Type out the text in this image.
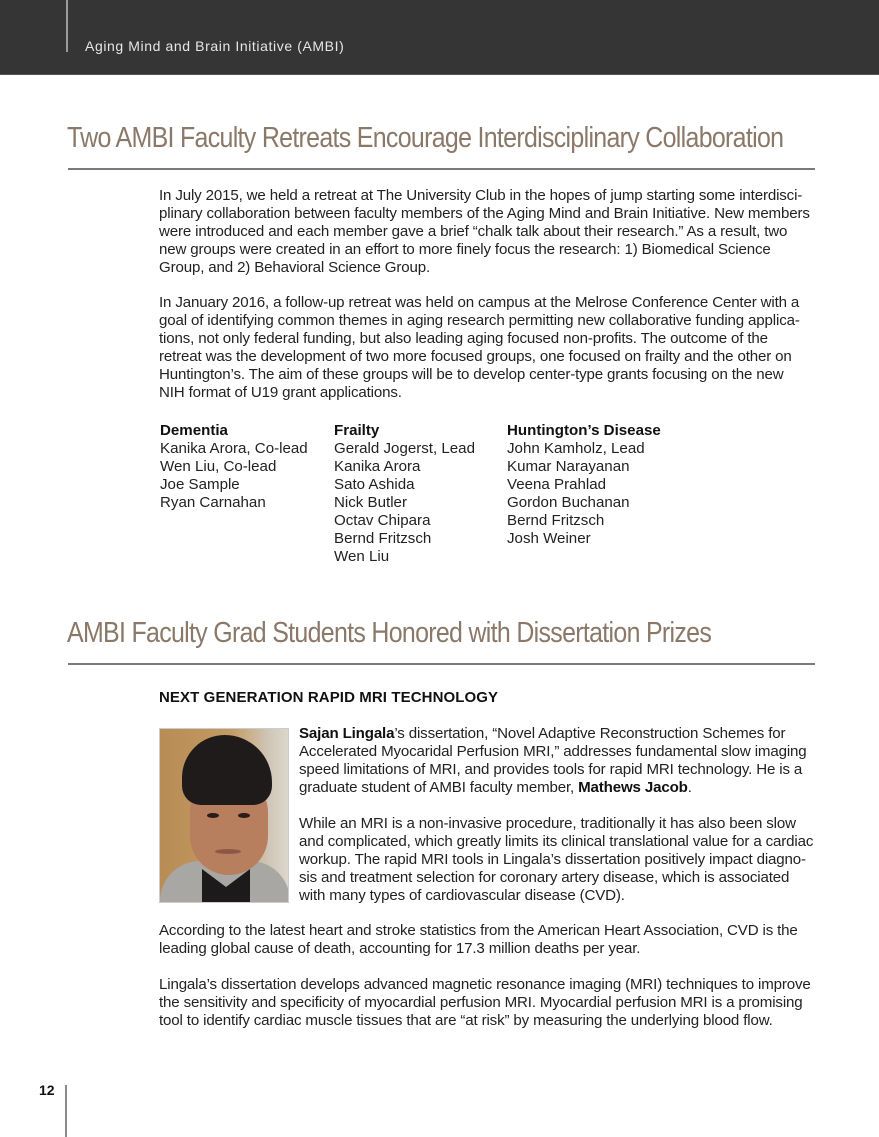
Aging Mind and Brain Initiative (AMBI)
Two AMBI Faculty Retreats Encourage Interdisciplinary Collaboration
In July 2015, we held a retreat at The University Club in the hopes of jump starting some interdisci-
plinary collaboration between faculty members of the Aging Mind and Brain Initiative. New members
were introduced and each member gave a brief “chalk talk about their research.” As a result, two
new groups were created in an effort to more finely focus the research: 1) Biomedical Science
Group, and 2) Behavioral Science Group.
In January 2016, a follow-up retreat was held on campus at the Melrose Conference Center with a
goal of identifying common themes in aging research permitting new collaborative funding applica-
tions, not only federal funding, but also leading aging focused non-profits. The outcome of the
retreat was the development of two more focused groups, one focused on frailty and the other on
Huntington’s. The aim of these groups will be to develop center-type grants focusing on the new
NIH format of U19 grant applications.
Dementia
Kanika Arora, Co-lead
Wen Liu, Co-lead
Joe Sample
Ryan Carnahan
Frailty
Gerald Jogerst, Lead
Kanika Arora
Sato Ashida
Nick Butler
Octav Chipara
Bernd Fritzsch
Wen Liu
Huntington’s Disease
John Kamholz, Lead
Kumar Narayanan
Veena Prahlad
Gordon Buchanan
Bernd Fritzsch
Josh Weiner
AMBI Faculty Grad Students Honored with Dissertation Prizes
NEXT GENERATION RAPID MRI TECHNOLOGY
Sajan Lingala’s dissertation, “Novel Adaptive Reconstruction Schemes for
Accelerated Myocaridal Perfusion MRI,” addresses fundamental slow imaging
speed limitations of MRI, and provides tools for rapid MRI technology. He is a
graduate student of AMBI faculty member, Mathews Jacob.
While an MRI is a non-invasive procedure, traditionally it has also been slow
and complicated, which greatly limits its clinical translational value for a cardiac
workup. The rapid MRI tools in Lingala’s dissertation positively impact diagno-
sis and treatment selection for coronary artery disease, which is associated
with many types of cardiovascular disease (CVD).
According to the latest heart and stroke statistics from the American Heart Association, CVD is the
leading global cause of death, accounting for 17.3 million deaths per year.
Lingala’s dissertation develops advanced magnetic resonance imaging (MRI) techniques to improve
the sensitivity and specificity of myocardial perfusion MRI. Myocardial perfusion MRI is a promising
tool to identify cardiac muscle tissues that are “at risk” by measuring the underlying blood flow.
12
